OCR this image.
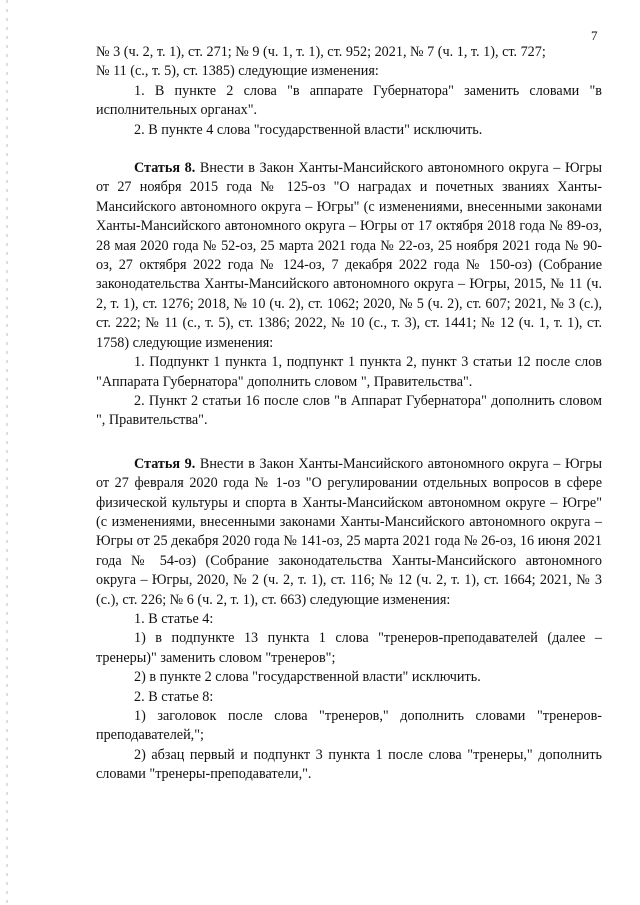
7

№ 3 (ч. 2, т. 1), ст. 271; № 9 (ч. 1, т. 1), ст. 952; 2021, № 7 (ч. 1, т. 1), ст. 727;

№ 11 (с., т. 5), ст. 1385) следующие изменения:

1. В пункте 2 слова "в аппарате Губернатора" заменить словами "в исполнительных органах".

2. В пункте 4 слова "государственной власти" исключить.

Статья 8. Внести в Закон Ханты-Мансийского автономного округа – Югры от 27 ноября 2015 года № 125-оз "О наградах и почетных званиях Ханты-Мансийского автономного округа – Югры" (с изменениями, внесенными законами Ханты-Мансийского автономного округа – Югры от 17 октября 2018 года № 89-оз, 28 мая 2020 года № 52-оз, 25 марта 2021 года № 22-оз, 25 ноября 2021 года № 90-оз, 27 октября 2022 года № 124-оз, 7 декабря 2022 года № 150-оз) (Собрание законодательства Ханты-Мансийского автономного округа – Югры, 2015, № 11 (ч. 2, т. 1), ст. 1276; 2018, № 10 (ч. 2), ст. 1062; 2020, № 5 (ч. 2), ст. 607; 2021, № 3 (с.), ст. 222; № 11 (с., т. 5), ст. 1386; 2022, № 10 (с., т. 3), ст. 1441; № 12 (ч. 1, т. 1), ст. 1758) следующие изменения:

1. Подпункт 1 пункта 1, подпункт 1 пункта 2, пункт 3 статьи 12 после слов "Аппарата Губернатора" дополнить словом ", Правительства".

2. Пункт 2 статьи 16 после слов "в Аппарат Губернатора" дополнить словом ", Правительства".

Статья 9. Внести в Закон Ханты-Мансийского автономного округа – Югры от 27 февраля 2020 года № 1-оз "О регулировании отдельных вопросов в сфере физической культуры и спорта в Ханты-Мансийском автономном округе – Югре" (с изменениями, внесенными законами Ханты-Мансийского автономного округа – Югры от 25 декабря 2020 года № 141-оз, 25 марта 2021 года № 26-оз, 16 июня 2021 года № 54-оз) (Собрание законодательства Ханты-Мансийского автономного округа – Югры, 2020, № 2 (ч. 2, т. 1), ст. 116; № 12 (ч. 2, т. 1), ст. 1664; 2021, № 3 (с.), ст. 226; № 6 (ч. 2, т. 1), ст. 663) следующие изменения:

1. В статье 4:

1) в подпункте 13 пункта 1 слова "тренеров-преподавателей (далее – тренеры)" заменить словом "тренеров";

2) в пункте 2 слова "государственной власти" исключить.

2. В статье 8:

1) заголовок после слова "тренеров," дополнить словами "тренеров-преподавателей,";

2) абзац первый и подпункт 3 пункта 1 после слова "тренеры," дополнить словами "тренеры-преподаватели,".
